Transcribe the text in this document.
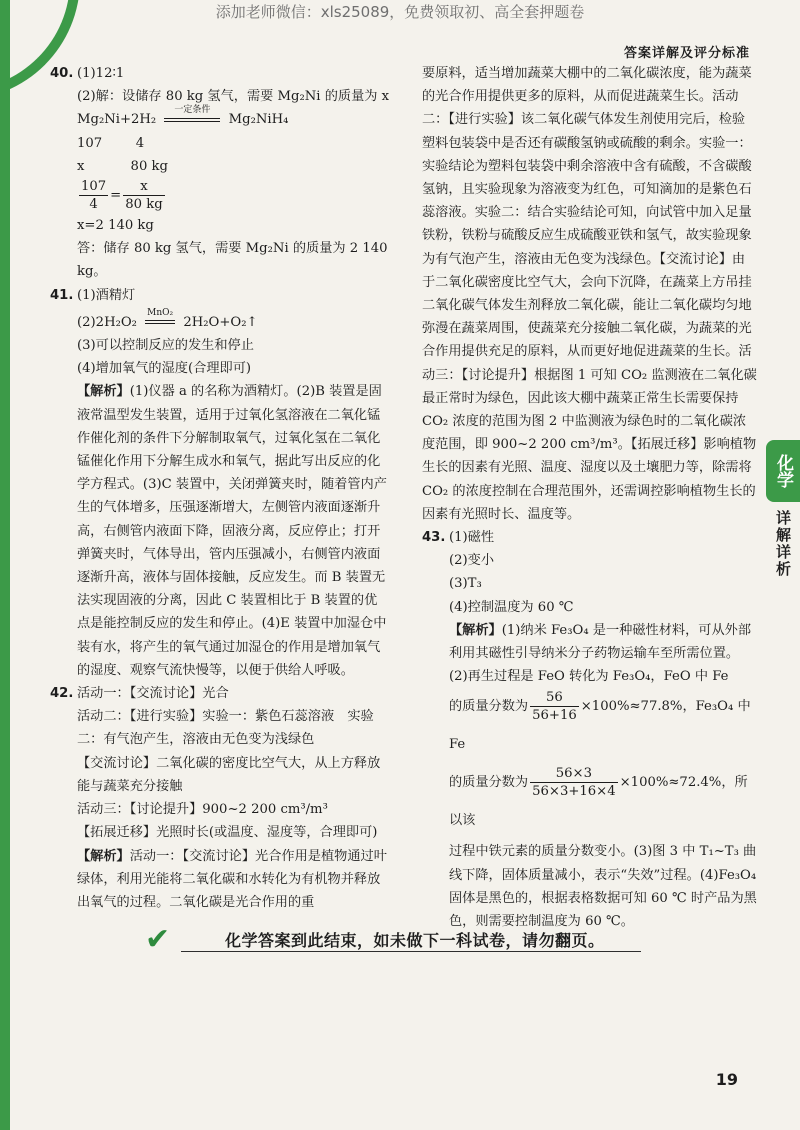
添加老师微信：xls25089，免费领取初、高全套押题卷
答案详解及评分标准

40. (1)12∶1

(2)解：设储存 80 kg 氢气，需要 Mg₂Ni 的质量为 x

Mg₂Ni+2H₂
一定条件
Mg₂NiH₄

107        4

x           80 kg

$\frac{107}{4} = \frac{x}{80 kg}$

x=2 140 kg

答：储存 80 kg 氢气，需要 Mg₂Ni 的质量为 2 140 kg。

41. (1)酒精灯

(2)2H₂O₂
MnO₂
2H₂O+O₂↑

(3)可以控制反应的发生和停止

(4)增加氧气的湿度(合理即可)

【解析】(1)仪器 a 的名称为酒精灯。(2)B 装置是固液常温型发生装置，适用于过氧化氢溶液在二氧化锰作催化剂的条件下分解制取氧气，过氧化氢在二氧化锰催化作用下分解生成水和氧气，据此写出反应的化学方程式。(3)C 装置中，关闭弹簧夹时，随着管内产生的气体增多，压强逐渐增大，左侧管内液面逐渐升高，右侧管内液面下降，固液分离，反应停止；打开弹簧夹时，气体导出，管内压强减小，右侧管内液面逐渐升高，液体与固体接触，反应发生。而 B 装置无法实现固液的分离，因此 C 装置相比于 B 装置的优点是能控制反应的发生和停止。(4)E 装置中加湿仓中装有水，将产生的氧气通过加湿仓的作用是增加氧气的湿度、观察气流快慢等，以便于供给人呼吸。

42. 活动一：【交流讨论】光合

活动二：【进行实验】实验一：紫色石蕊溶液　实验二：有气泡产生，溶液由无色变为浅绿色

【交流讨论】二氧化碳的密度比空气大，从上方释放能与蔬菜充分接触

活动三：【讨论提升】900~2 200 cm³/m³

【拓展迁移】光照时长(或温度、湿度等，合理即可)

【解析】活动一：【交流讨论】光合作用是植物通过叶绿体，利用光能将二氧化碳和水转化为有机物并释放出氧气的过程。二氧化碳是光合作用的重

要原料，适当增加蔬菜大棚中的二氧化碳浓度，能为蔬菜的光合作用提供更多的原料，从而促进蔬菜生长。活动二：【进行实验】该二氧化碳气体发生剂使用完后，检验塑料包装袋中是否还有碳酸氢钠或硫酸的剩余。实验一：实验结论为塑料包装袋中剩余溶液中含有硫酸，不含碳酸氢钠，且实验现象为溶液变为红色，可知滴加的是紫色石蕊溶液。实验二：结合实验结论可知，向试管中加入足量铁粉，铁粉与硫酸反应生成硫酸亚铁和氢气，故实验现象为有气泡产生，溶液由无色变为浅绿色。【交流讨论】由于二氧化碳密度比空气大，会向下沉降，在蔬菜上方吊挂二氧化碳气体发生剂释放二氧化碳，能让二氧化碳均匀地弥漫在蔬菜周围，使蔬菜充分接触二氧化碳，为蔬菜的光合作用提供充足的原料，从而更好地促进蔬菜的生长。活动三：【讨论提升】根据图 1 可知 CO₂ 监测液在二氧化碳最正常时为绿色，因此该大棚中蔬菜正常生长需要保持 CO₂ 浓度的范围为图 2 中监测液为绿色时的二氧化碳浓度范围，即 900~2 200 cm³/m³。【拓展迁移】影响植物生长的因素有光照、温度、湿度以及土壤肥力等，除需将 CO₂ 的浓度控制在合理范围外，还需调控影响植物生长的因素有光照时长、温度等。

43. (1)磁性

(2)变小

(3)T₃

(4)控制温度为 60 ℃

【解析】(1)纳米 Fe₃O₄ 是一种磁性材料，可从外部利用其磁性引导纳米分子药物运输车至所需位置。(2)再生过程是 FeO 转化为 Fe₃O₄，FeO 中 Fe

的质量分数为 $\frac{56}{56+16} \times 100\%\approx 77.8\%$，Fe₃O₄ 中 Fe

的质量分数为 $\frac{56\times 3}{56\times 3+16\times 4} \times 100\%\approx 72.4\%$，所以该

过程中铁元素的质量分数变小。(3)图 3 中 T₁~T₃ 曲线下降，固体质量减小，表示“失效”过程。(4)Fe₃O₄ 固体是黑色的，根据表格数据可知 60 ℃ 时产品为黑色，则需要控制温度为 60 ℃。

化学
详解详析
✔	化学答案到此结束，如未做下一科试卷，请勿翻页。
19
